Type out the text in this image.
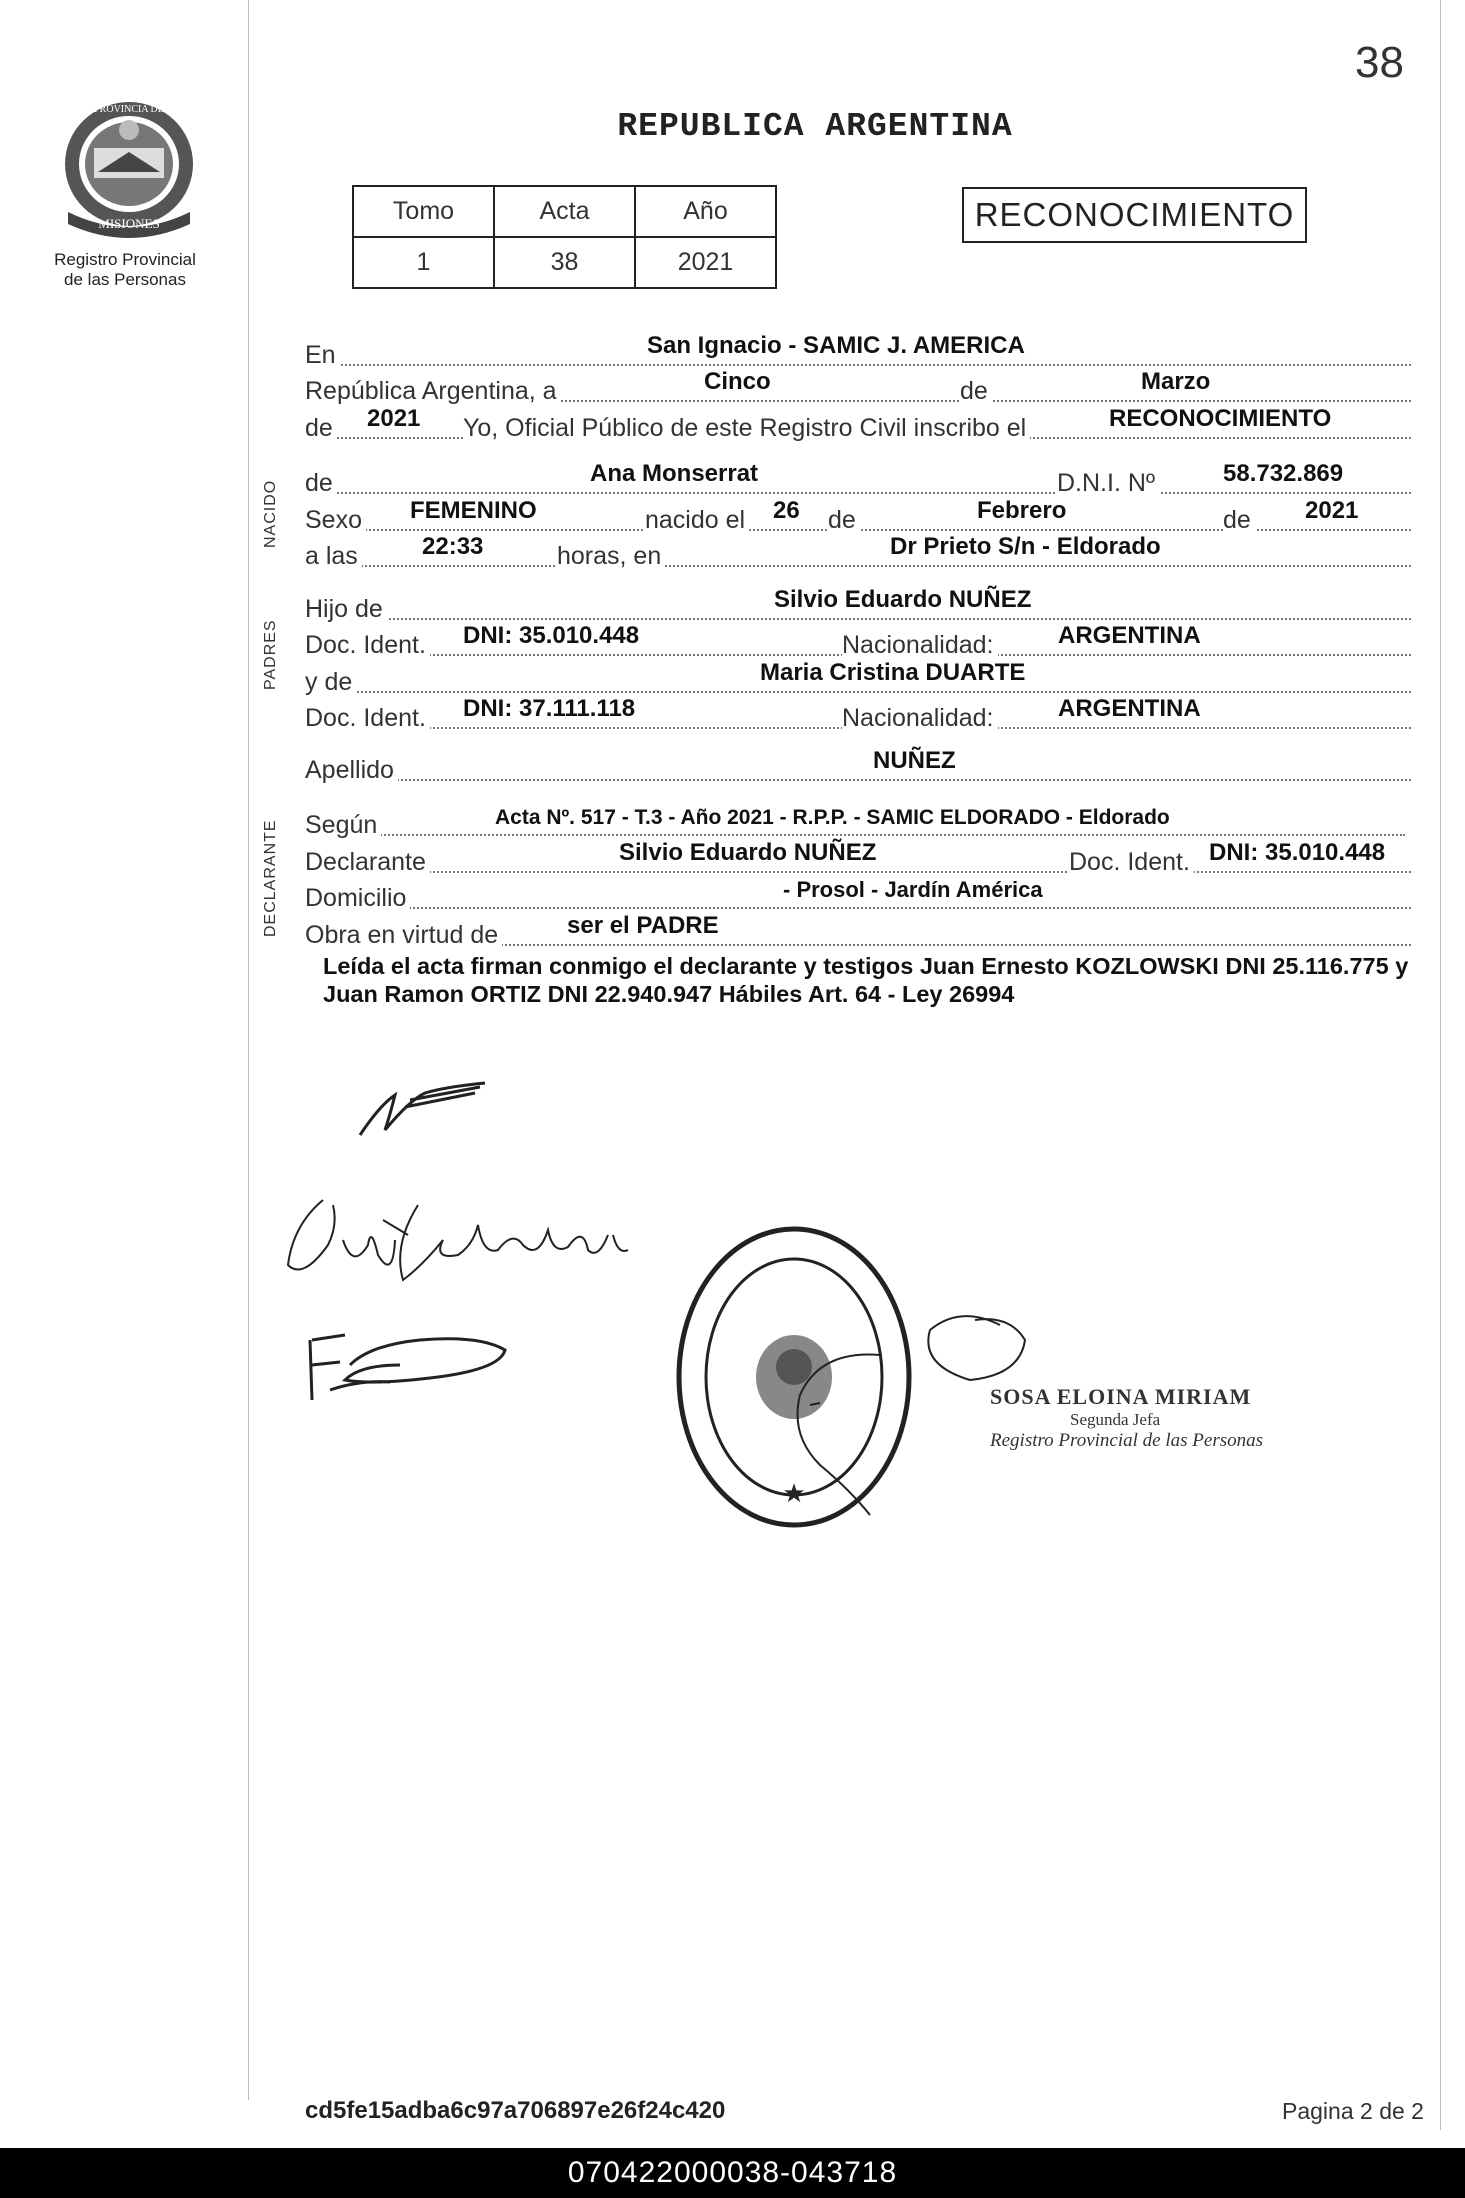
38
MISIONES
PROVINCIA DE
Registro Provincial
de las Personas
REPUBLICA ARGENTINA
Tomo	Acta	Año
1	38	2021
RECONOCIMIENTO
NACIDO
PADRES
DECLARANTE
En	San Ignacio - SAMIC J. AMERICA
República Argentina, a	Cinco	de	Marzo
de 2021 Yo, Oficial Público de este Registro Civil inscribo el	RECONOCIMIENTO
de	Ana Monserrat	D.N.I. Nº	58.732.869
Sexo FEMENINO	nacido el 26 de	Febrero	de 2021
a las	22:33	horas, en	Dr Prieto S/n - Eldorado
Hijo de	Silvio Eduardo NUÑEZ
Doc. Ident. DNI: 35.010.448	Nacionalidad:	ARGENTINA
y de	Maria Cristina DUARTE
Doc. Ident. DNI: 37.111.118	Nacionalidad:	ARGENTINA
Apellido	NUÑEZ
Según	Acta Nº. 517 - T.3 - Año 2021 - R.P.P. - SAMIC ELDORADO - Eldorado
Declarante	Silvio Eduardo NUÑEZ	Doc. Ident. DNI: 35.010.448
Domicilio	- Prosol - Jardín América
Obra en virtud de	ser el PADRE
Leída el acta firman conmigo el declarante y testigos Juan Ernesto KOZLOWSKI DNI 25.116.775 y Juan Ramon ORTIZ DNI 22.940.947 Hábiles Art. 64 - Ley 26994
★
SOSA ELOINA MIRIAM
Segunda Jefa
Registro Provincial de las Personas
cd5fe15adba6c97a706897e26f24c420	Pagina 2 de 2
070422000038-043718
